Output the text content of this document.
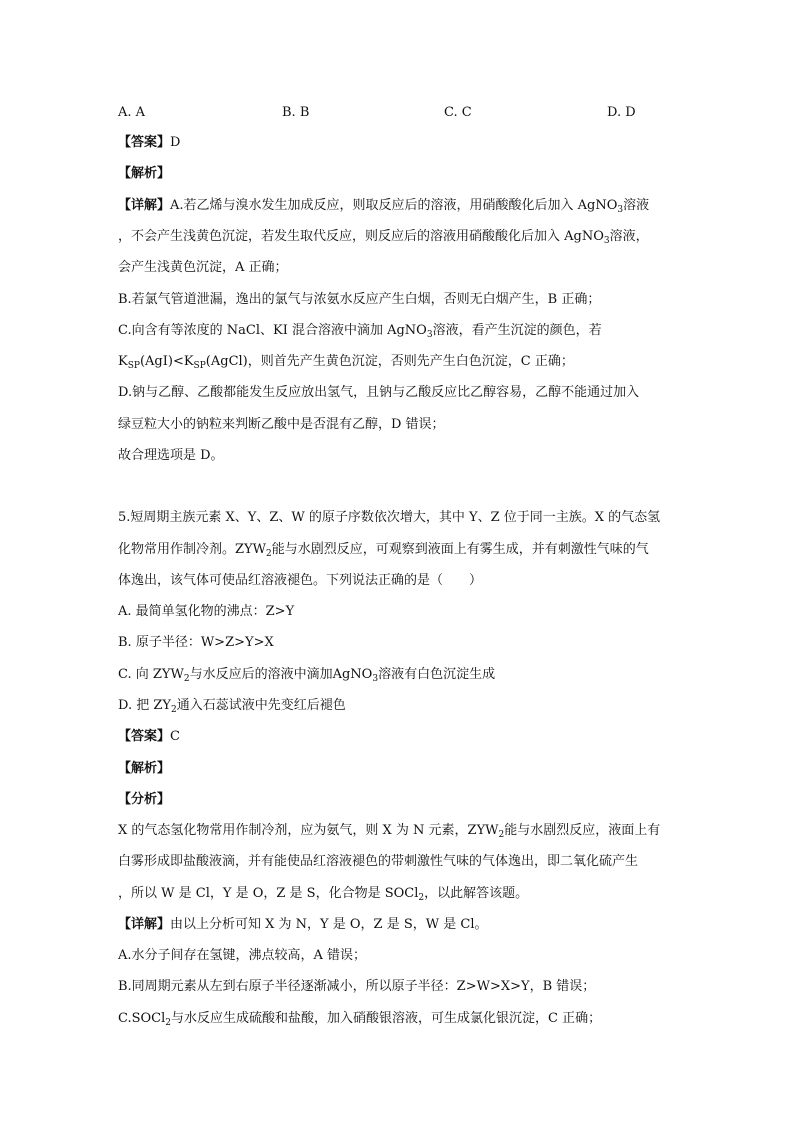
A. A	B. B	C. C	D. D
【答案】D
【解析】
【详解】A.若乙烯与溴水发生加成反应，则取反应后的溶液，用硝酸酸化后加入 AgNO$_3$溶液
，不会产生浅黄色沉淀，若发生取代反应，则反应后的溶液用硝酸酸化后加入 AgNO$_3$溶液，
会产生浅黄色沉淀，A 正确；
B.若氯气管道泄漏，逸出的氯气与浓氨水反应产生白烟，否则无白烟产生，B 正确；
C.向含有等浓度的 NaCl、KI 混合溶液中滴加 AgNO$_3$溶液，看产生沉淀的颜色，若
$K_{SP}(AgI)<K_{SP}(AgCl)$，则首先产生黄色沉淀，否则先产生白色沉淀，C 正确；
D.钠与乙醇、乙酸都能发生反应放出氢气，且钠与乙酸反应比乙醇容易，乙醇不能通过加入
绿豆粒大小的钠粒来判断乙酸中是否混有乙醇，D 错误；
故合理选项是 D。
5.短周期主族元素 X、Y、Z、W 的原子序数依次增大，其中 Y、Z 位于同一主族。X 的气态氢
化物常用作制冷剂。$ZYW_2$能与水剧烈反应，可观察到液面上有雾生成，并有刺激性气味的气
体逸出，该气体可使品红溶液褪色。下列说法正确的是（　　）
A. 最简单氢化物的沸点：Z>Y
B. 原子半径：W>Z>Y>X
C. 向 $ZYW_2$与水反应后的溶液中滴加AgNO$_3$溶液有白色沉淀生成
D. 把 $ZY_2$通入石蕊试液中先变红后褪色
【答案】C
【解析】
【分析】
X 的气态氢化物常用作制冷剂，应为氨气，则 X 为 N 元素，$ZYW_2$能与水剧烈反应，液面上有
白雾形成即盐酸液滴，并有能使品红溶液褪色的带刺激性气味的气体逸出，即二氧化硫产生
，所以 W 是 Cl，Y 是 O，Z 是 S，化合物是 SOCl$_2$，以此解答该题。
【详解】由以上分析可知 X 为 N，Y 是 O，Z 是 S，W 是 Cl。
A.水分子间存在氢键，沸点较高，A 错误；
B.同周期元素从左到右原子半径逐渐减小，所以原子半径：Z>W>X>Y，B 错误；
C.SOCl$_2$与水反应生成硫酸和盐酸，加入硝酸银溶液，可生成氯化银沉淀，C 正确；
